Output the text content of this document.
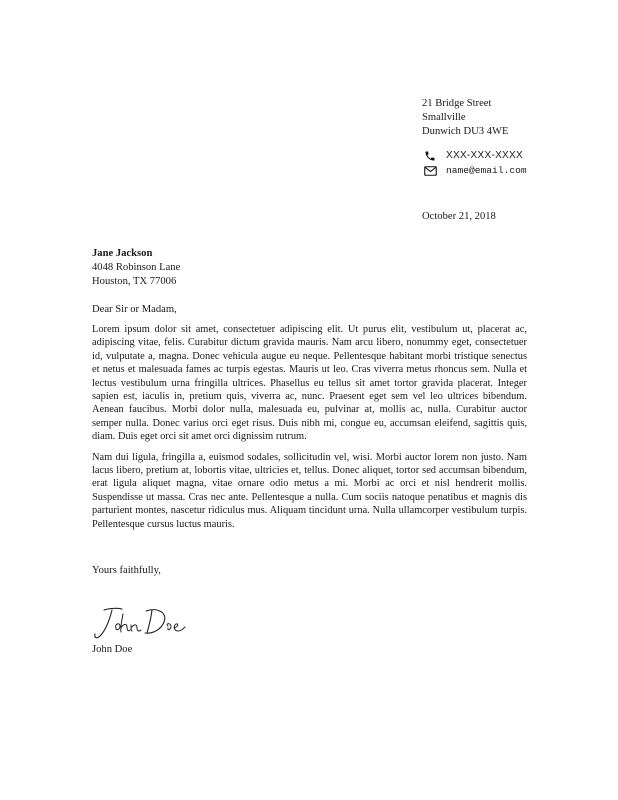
21 Bridge Street
Smallville
Dunwich DU3 4WE
XXX-XXX-XXXX
name@email.com
October 21, 2018
Jane Jackson
4048 Robinson Lane
Houston, TX 77006
Dear Sir or Madam,

Lorem ipsum dolor sit amet, consectetuer adipiscing elit. Ut purus elit, vestibulum ut, placerat ac, adipiscing vitae, felis. Curabitur dictum gravida mauris. Nam arcu libero, nonummy eget, consectetuer id, vulputate a, magna. Donec vehicula augue eu neque. Pellentesque habitant morbi tristique senectus et netus et malesuada fames ac turpis egestas. Mauris ut leo. Cras viverra metus rhoncus sem. Nulla et lectus vestibulum urna fringilla ultrices. Phasellus eu tellus sit amet tortor gravida placerat. Integer sapien est, iaculis in, pretium quis, viverra ac, nunc. Praesent eget sem vel leo ultrices bibendum. Aenean faucibus. Morbi dolor nulla, malesuada eu, pulvinar at, mollis ac, nulla. Curabitur auctor semper nulla. Donec varius orci eget risus. Duis nibh mi, congue eu, accumsan eleifend, sagittis quis, diam. Duis eget orci sit amet orci dignissim rutrum.

Nam dui ligula, fringilla a, euismod sodales, sollicitudin vel, wisi. Morbi auctor lorem non justo. Nam lacus libero, pretium at, lobortis vitae, ultricies et, tellus. Donec aliquet, tortor sed accumsan bibendum, erat ligula aliquet magna, vitae ornare odio metus a mi. Morbi ac orci et nisl hendrerit mollis. Suspendisse ut massa. Cras nec ante. Pellentesque a nulla. Cum sociis natoque penatibus et magnis dis parturient montes, nascetur ridiculus mus. Aliquam tincidunt urna. Nulla ullamcorper vestibulum turpis. Pellentesque cursus luctus mauris.

Yours faithfully,
John Doe
